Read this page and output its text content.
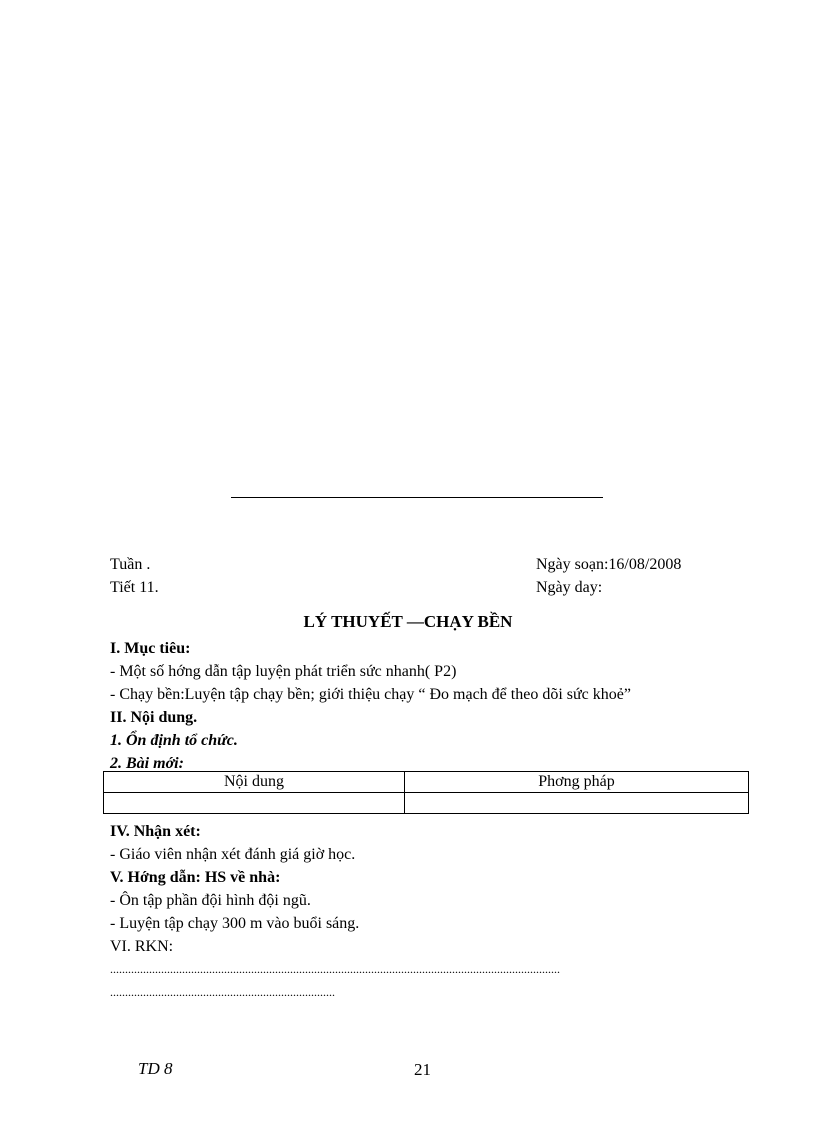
Tuần .
Tiết 11.
Ngày soạn:16/08/2008
Ngày day:
LÝ THUYẾT —CHẠY BỀN
I. Mục tiêu:
- Một số hớng dẫn tập luyện phát triển sức nhanh( P2)
- Chạy bền:Luyện tập chạy bền; giới thiệu chạy “ Đo mạch để theo dõi sức khoẻ”
II. Nội dung.
1. Ổn định tổ chức.
2. Bài mới:
Nội dung	Phơng pháp

IV. Nhận xét:
- Giáo viên nhận xét đánh giá giờ học.
V. Hớng dẫn: HS về nhà:
- Ôn tập phần đội hình đội ngũ.
- Luyện tập chạy 300 m vào buổi sáng.
VI. RKN:
......................................................................................................................................................
...........................................................................
TD 8	21
